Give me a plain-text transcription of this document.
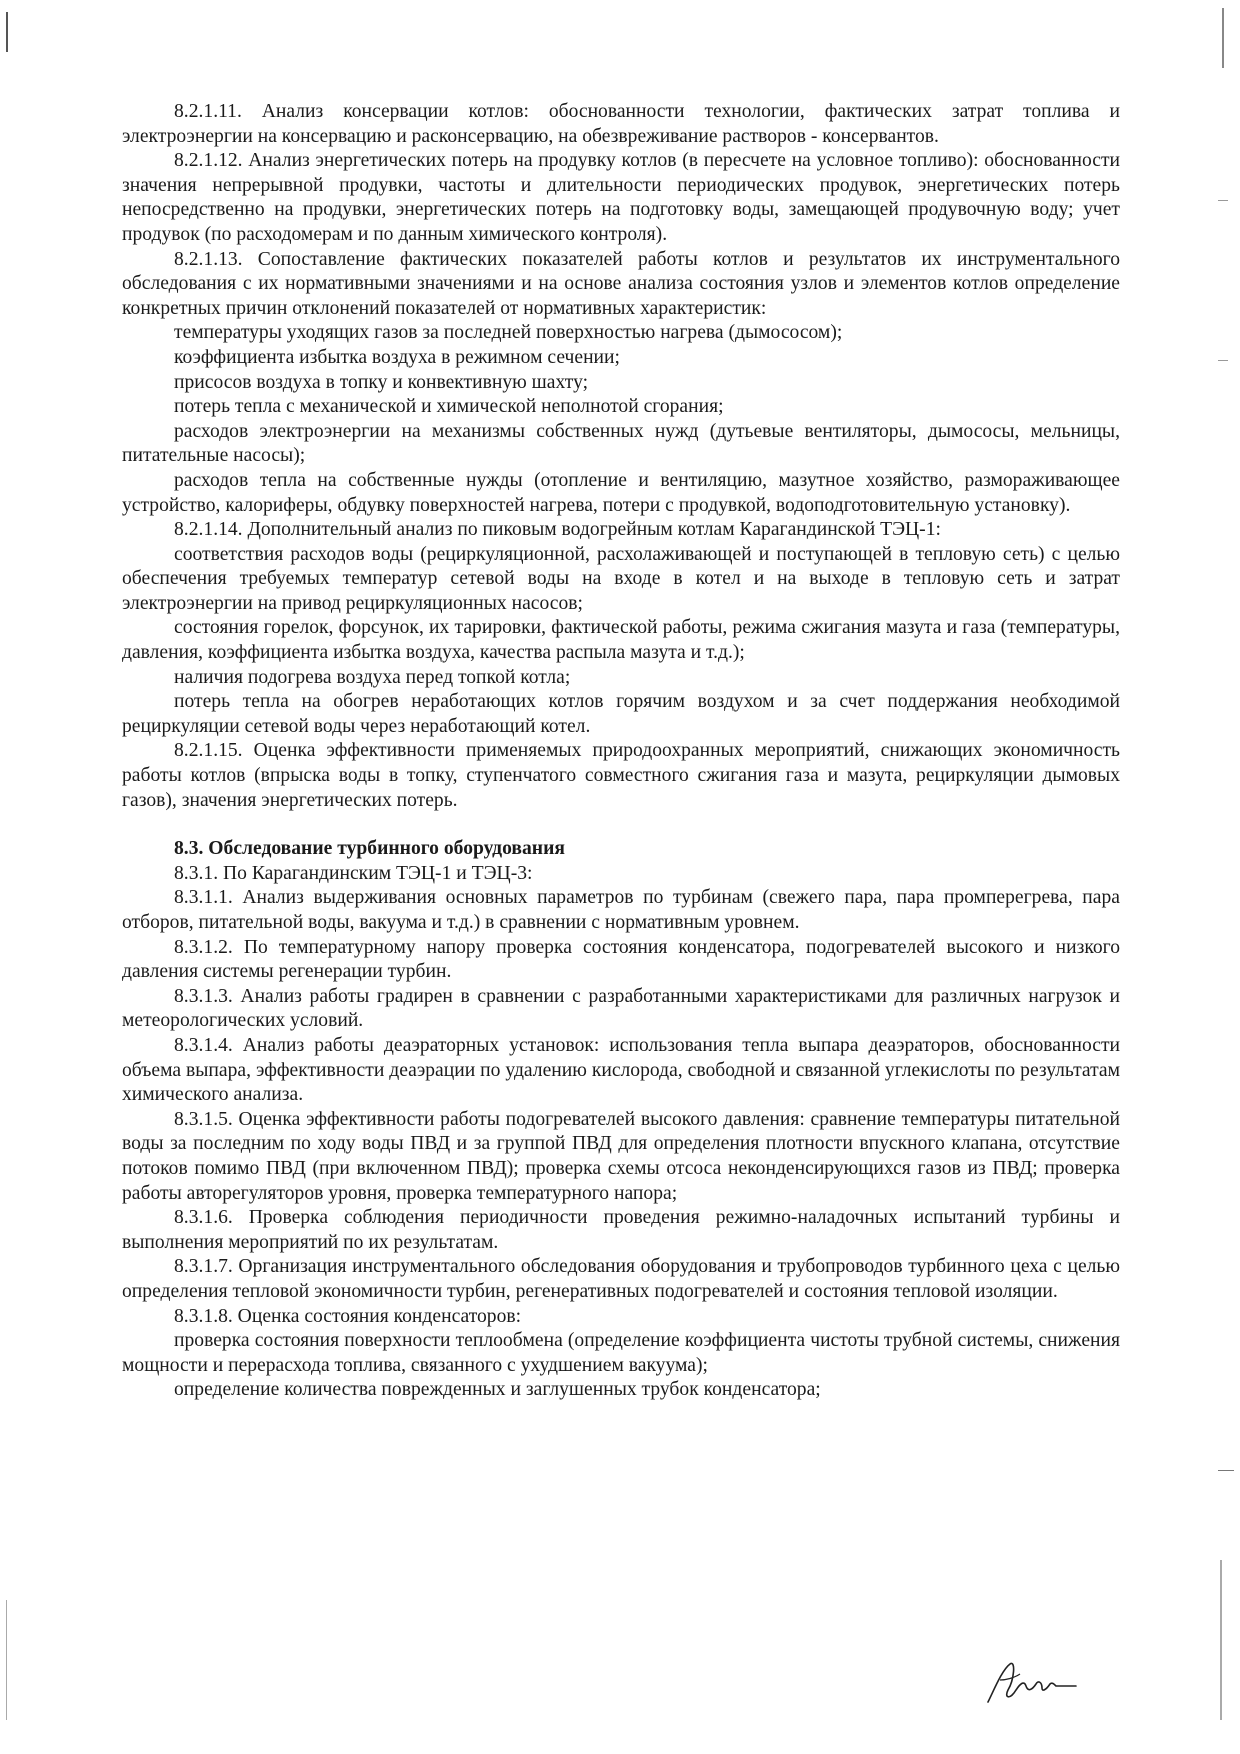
8.2.1.11. Анализ консервации котлов: обоснованности технологии, фактических затрат топлива и электроэнергии на консервацию и расконсервацию, на обезвреживание растворов - консервантов.

8.2.1.12. Анализ энергетических потерь на продувку котлов (в пересчете на условное топливо): обоснованности значения непрерывной продувки, частоты и длительности периодических продувок, энергетических потерь непосредственно на продувки, энергетических потерь на подготовку воды, замещающей продувочную воду; учет продувок (по расходомерам и по данным химического контроля).

8.2.1.13. Сопоставление фактических показателей работы котлов и результатов их инструментального обследования с их нормативными значениями и на основе анализа состояния узлов и элементов котлов определение конкретных причин отклонений показателей от нормативных характеристик:

температуры уходящих газов за последней поверхностью нагрева (дымососом);

коэффициента избытка воздуха в режимном сечении;

присосов воздуха в топку и конвективную шахту;

потерь тепла с механической и химической неполнотой сгорания;

расходов электроэнергии на механизмы собственных нужд (дутьевые вентиляторы, дымососы, мельницы, питательные насосы);

расходов тепла на собственные нужды (отопление и вентиляцию, мазутное хозяйство, размораживающее устройство, калориферы, обдувку поверхностей нагрева, потери с продувкой, водоподготовительную установку).

8.2.1.14. Дополнительный анализ по пиковым водогрейным котлам Карагандинской ТЭЦ-1:

соответствия расходов воды (рециркуляционной, расхолаживающей и поступающей в тепловую сеть) с целью обеспечения требуемых температур сетевой воды на входе в котел и на выходе в тепловую сеть и затрат электроэнергии на привод рециркуляционных насосов;

состояния горелок, форсунок, их тарировки, фактической работы, режима сжигания мазута и газа (температуры, давления, коэффициента избытка воздуха, качества распыла мазута и т.д.);

наличия подогрева воздуха перед топкой котла;

потерь тепла на обогрев неработающих котлов горячим воздухом и за счет поддержания необходимой рециркуляции сетевой воды через неработающий котел.

8.2.1.15. Оценка эффективности применяемых природоохранных мероприятий, снижающих экономичность работы котлов (впрыска воды в топку, ступенчатого совместного сжигания газа и мазута, рециркуляции дымовых газов), значения энергетических потерь.

8.3. Обследование турбинного оборудования

8.3.1. По Карагандинским ТЭЦ-1 и ТЭЦ-3:

8.3.1.1. Анализ выдерживания основных параметров по турбинам (свежего пара, пара промперегрева, пара отборов, питательной воды, вакуума и т.д.) в сравнении с нормативным уровнем.

8.3.1.2. По температурному напору проверка состояния конденсатора, подогревателей высокого и низкого давления системы регенерации турбин.

8.3.1.3. Анализ работы градирен в сравнении с разработанными характеристиками для различных нагрузок и метеорологических условий.

8.3.1.4. Анализ работы деаэраторных установок: использования тепла выпара деаэраторов, обоснованности объема выпара, эффективности деаэрации по удалению кислорода, свободной и связанной углекислоты по результатам химического анализа.

8.3.1.5. Оценка эффективности работы подогревателей высокого давления: сравнение температуры питательной воды за последним по ходу воды ПВД и за группой ПВД для определения плотности впускного клапана, отсутствие потоков помимо ПВД (при включенном ПВД); проверка схемы отсоса неконденсирующихся газов из ПВД; проверка работы авторегуляторов уровня, проверка температурного напора;

8.3.1.6. Проверка соблюдения периодичности проведения режимно-наладочных испытаний турбины и выполнения мероприятий по их результатам.

8.3.1.7. Организация инструментального обследования оборудования и трубопроводов турбинного цеха с целью определения тепловой экономичности турбин, регенеративных подогревателей и состояния тепловой изоляции.

8.3.1.8. Оценка состояния конденсаторов:

проверка состояния поверхности теплообмена (определение коэффициента чистоты трубной системы, снижения мощности и перерасхода топлива, связанного с ухудшением вакуума);

определение количества поврежденных и заглушенных трубок конденсатора;
